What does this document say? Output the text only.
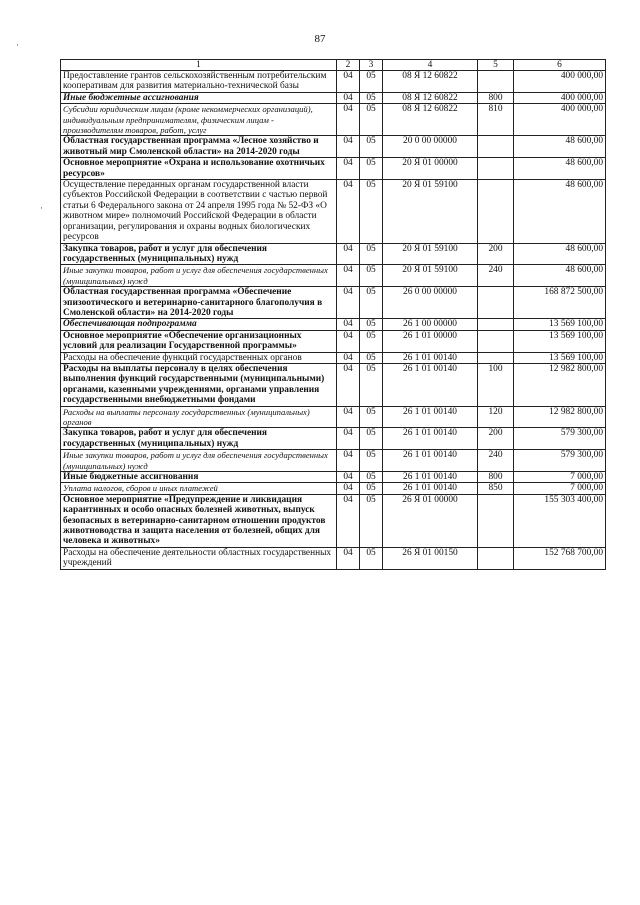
87
·
·
1	2	3	4	5	6
Предоставление грантов сельскохозяйственным потребительским кооперативам для развития материально-технической базы	04	05	08 Я 12 60822		400 000,00
Иные бюджетные ассигнования	04	05	08 Я 12 60822	800	400 000,00
Субсидии юридическим лицам (кроме некоммерческих организаций), индивидуальным предпринимателям, физическим лицам - производителям товаров, работ, услуг	04	05	08 Я 12 60822	810	400 000,00
Областная государственная программа «Лесное хозяйство и животный мир Смоленской области» на 2014-2020 годы	04	05	20 0 00 00000		48 600,00
Основное мероприятие «Охрана и использование охотничьих ресурсов»	04	05	20 Я 01 00000		48 600,00
Осуществление переданных органам государственной власти субъектов Российской Федерации в соответствии с частью первой статьи 6 Федерального закона от 24 апреля 1995 года № 52-ФЗ «О животном мире» полномочий Российской Федерации в области организации, регулирования и охраны водных биологических ресурсов	04	05	20 Я 01 59100		48 600,00
Закупка товаров, работ и услуг для обеспечения государственных (муниципальных) нужд	04	05	20 Я 01 59100	200	48 600,00
Иные закупки товаров, работ и услуг для обеспечения государственных (муниципальных) нужд	04	05	20 Я 01 59100	240	48 600,00
Областная государственная программа «Обеспечение эпизоотического и ветеринарно-санитарного благополучия в Смоленской области» на 2014-2020 годы	04	05	26 0 00 00000		168 872 500,00
Обеспечивающая подпрограмма	04	05	26 1 00 00000		13 569 100,00
Основное мероприятие «Обеспечение организационных условий для реализации Государственной программы»	04	05	26 1 01 00000		13 569 100,00
Расходы на обеспечение функций государственных органов	04	05	26 1 01 00140		13 569 100,00
Расходы на выплаты персоналу в целях обеспечения выполнения функций государственными (муниципальными) органами, казенными учреждениями, органами управления государственными внебюджетными фондами	04	05	26 1 01 00140	100	12 982 800,00
Расходы на выплаты персоналу государственных (муниципальных) органов	04	05	26 1 01 00140	120	12 982 800,00
Закупка товаров, работ и услуг для обеспечения государственных (муниципальных) нужд	04	05	26 1 01 00140	200	579 300,00
Иные закупки товаров, работ и услуг для обеспечения государственных (муниципальных) нужд	04	05	26 1 01 00140	240	579 300,00
Иные бюджетные ассигнования	04	05	26 1 01 00140	800	7 000,00
Уплата налогов, сборов и иных платежей	04	05	26 1 01 00140	850	7 000,00
Основное мероприятие «Предупреждение и ликвидация карантинных и особо опасных болезней животных, выпуск безопасных в ветеринарно-санитарном отношении продуктов животноводства и защита населения от болезней, общих для человека и животных»	04	05	26 Я 01 00000		155 303 400,00
Расходы на обеспечение деятельности областных государственных учреждений	04	05	26 Я 01 00150		152 768 700,00
